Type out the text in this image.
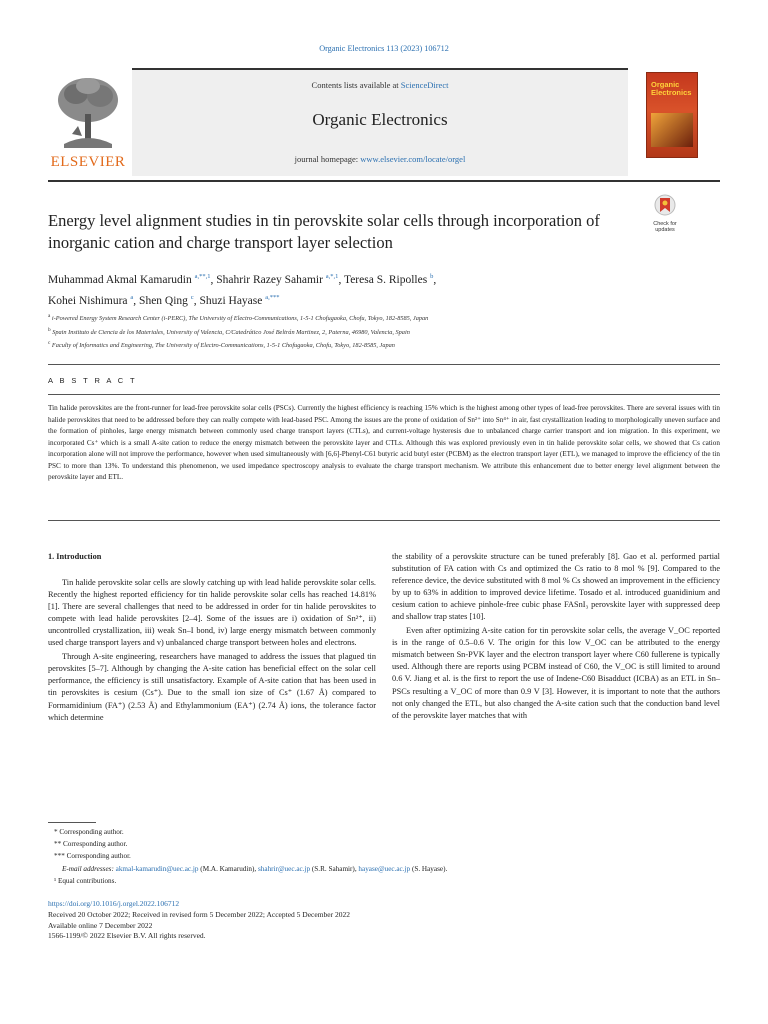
Organic Electronics 113 (2023) 106712
ELSEVIER
Contents lists available at ScienceDirect
Organic Electronics
journal homepage: www.elsevier.com/locate/orgel
Organic
Electronics
Energy level alignment studies in tin perovskite solar cells through incorporation of inorganic cation and charge transport layer selection
Check for
updates
Muhammad Akmal Kamarudin $^{a,**,1}$, Shahrir Razey Sahamir $^{a,*,1}$, Teresa S. Ripolles $^b$,
Kohei Nishimura $^a$, Shen Qing $^c$, Shuzi Hayase $^{a,***}$
$^a$ i-Powered Energy System Research Center (i-PERC), The University of Electro-Communications, 1-5-1 Chofugaoka, Chofu, Tokyo, 182-8585, Japan
$^b$ Spain Instituto de Ciencia de los Materiales, University of Valencia, C/Catedrático José Beltrán Martinez, 2, Paterna, 46980, Valencia, Spain
$^c$ Faculty of Informatics and Engineering, The University of Electro-Communications, 1-5-1 Chofugaoka, Chofu, Tokyo, 182-8585, Japan
A B S T R A C T
Tin halide perovskites are the front-runner for lead-free perovskite solar cells (PSCs). Currently the highest efficiency is reaching 15% which is the highest among other types of lead-free perovskites. There are several issues with tin halide perovskites that need to be addressed before they can really compete with lead-based PSC. Among the issues are the prone of oxidation of Sn²⁺ into Sn⁴⁺ in air, fast crystallization leading to morphologically uneven surface and the formation of pinholes, large energy mismatch between commonly used charge transport layers (CTLs), and current-voltage hysteresis due to unbalanced charge carrier transport and ion migration. In this experiment, we incorporated Cs⁺ which is a small A-site cation to reduce the energy mismatch between the perovskite layer and CTLs. Although this was explored previously even in tin halide perovskite solar cells, we showed that Cs cation incorporation alone will not improve the performance, however when used simultaneously with [6,6]-Phenyl-C61 butyric acid butyl ester (PCBM) as the electron transport layer (ETL), we managed to improve the efficiency of the tin PSC to more than 13%. To understand this phenomenon, we used impedance spectroscopy analysis to evaluate the charge transport mechanism. We attribute this enhancement due to better energy level alignment between the perovskite layer and ETL.
1. Introduction

Tin halide perovskite solar cells are slowly catching up with lead halide perovskite solar cells. Recently the highest reported efficiency for tin halide perovskite solar cells has reached 14.81% [1]. There are several challenges that need to be addressed in order for tin halide perovskites to compete with lead halide perovskites [2–4]. Some of the issues are i) oxidation of Sn²⁺, ii) uncontrolled crystallization, iii) weak Sn–I bond, iv) large energy mismatch between commonly used charge transport layers and v) unbalanced charge transport between holes and electrons.

Through A-site engineering, researchers have managed to address the issues that plagued tin perovskites [5–7]. Although by changing the A-site cation has beneficial effect on the solar cell performance, the efficiency is still unsatisfactory. Example of A-site cation that has been used in tin perovskites is cesium (Cs⁺). Due to the small ion size of Cs⁺ (1.67 Å) compared to Formamidinium (FA⁺) (2.53 Å) and Ethylammonium (EA⁺) (2.74 Å) ions, the tolerance factor which determine

the stability of a perovskite structure can be tuned preferably [8]. Gao et al. performed partial substitution of FA cation with Cs and optimized the Cs ratio to 8 mol % [9]. Compared to the reference device, the device substituted with 8 mol % Cs showed an improvement in the efficiency by up to 63% in addition to improved device lifetime. Tosado et al. introduced guanidinium and cesium cation to achieve pinhole-free cubic phase FASnI₃ perovskite layer with suppressed deep and shallow trap states [10].

Even after optimizing A-site cation for tin perovskite solar cells, the average V_OC reported is in the range of 0.5–0.6 V. The origin for this low V_OC can be attributed to the energy mismatch between Sn-PVK layer and the electron transport layer where C60 fullerene is typically used. Although there are reports using PCBM instead of C60, the V_OC is still limited to around 0.6 V. Jiang et al. is the first to report the use of Indene-C60 Bisadduct (ICBA) as an ETL in Sn–PSCs resulting a V_OC of more than 0.9 V [3]. However, it is important to note that the authors not only changed the ETL, but also changed the A-site cation such that the conduction band level of the perovskite layer matches that with

* Corresponding author.
** Corresponding author.
*** Corresponding author.
E-mail addresses: akmal-kamarudin@uec.ac.jp (M.A. Kamarudin), shahrir@uec.ac.jp (S.R. Sahamir), hayase@uec.ac.jp (S. Hayase).
¹ Equal contributions.
https://doi.org/10.1016/j.orgel.2022.106712
Received 20 October 2022; Received in revised form 5 December 2022; Accepted 5 December 2022
Available online 7 December 2022
1566-1199/© 2022 Elsevier B.V. All rights reserved.
